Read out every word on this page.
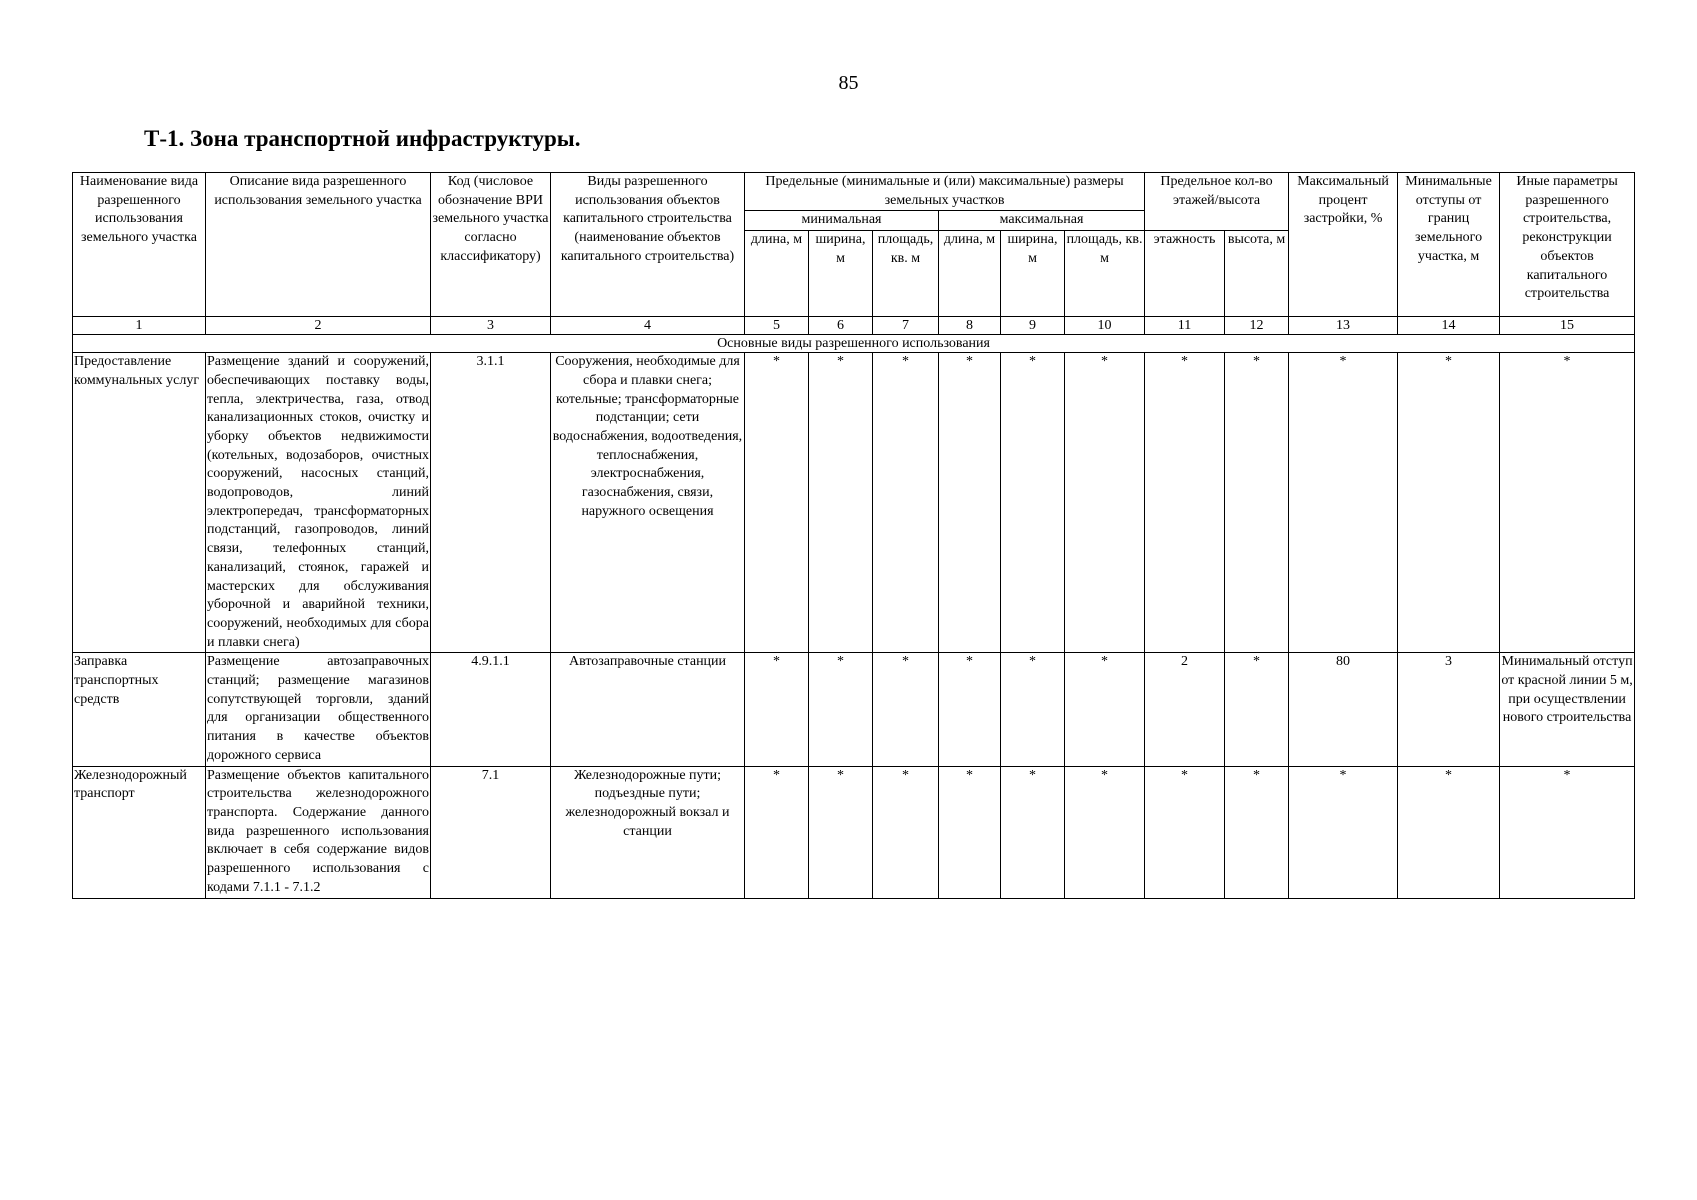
85
Т-1. Зона транспортной инфраструктуры.
Наименование вида разрешенного использования земельного участка	Описание вида разрешенного использования земельного участка	Код (числовое обозначение ВРИ земельного участка согласно классификатору)	Виды разрешенного использования объектов капитального строительства (наименование объектов капитального строительства)	Предельные (минимальные и (или) максимальные) размеры земельных участков						Предельное кол-во этажей/высота		Максимальный процент застройки, %	Минимальные отступы от границ земельного участка, м	Иные параметры разрешенного строительства, реконструкции объектов капитального строительства
				минимальная			максимальная							
				длина, м	ширина, м	площадь, кв. м	длина, м	ширина, м	площадь, кв. м	этажность	высота, м			
1	2	3	4	5	6	7	8	9	10	11	12	13	14	15
Основные виды разрешенного использования														
Предоставление коммунальных услуг	Размещение зданий и сооружений, обеспечивающих поставку воды, тепла, электричества, газа, отвод канализационных стоков, очистку и уборку объектов недвижимости (котельных, водозаборов, очистных сооружений, насосных станций, водопроводов, линий электропередач, трансформаторных подстанций, газопроводов, линий связи, телефонных станций, канализаций, стоянок, гаражей и мастерских для обслуживания уборочной и аварийной техники, сооружений, необходимых для сбора и плавки снега)	3.1.1	Сооружения, необходимые для сбора и плавки снега; котельные; трансформаторные подстанции; сети водоснабжения, водоотведения, теплоснабжения, электроснабжения, газоснабжения, связи, наружного освещения	*	*	*	*	*	*	*	*	*	*	*
Заправка транспортных средств	Размещение автозаправочных станций; размещение магазинов сопутствующей торговли, зданий для организации общественного питания в качестве объектов дорожного сервиса	4.9.1.1	Автозаправочные станции	*	*	*	*	*	*	2	*	80	3	Минимальный отступ от красной линии 5 м, при осуществлении нового строительства
Железнодорожный транспорт	Размещение объектов капитального строительства железнодорожного транспорта. Содержание данного вида разрешенного использования включает в себя содержание видов разрешенного использования с кодами 7.1.1 - 7.1.2	7.1	Железнодорожные пути; подъездные пути; железнодорожный вокзал и станции	*	*	*	*	*	*	*	*	*	*	*
